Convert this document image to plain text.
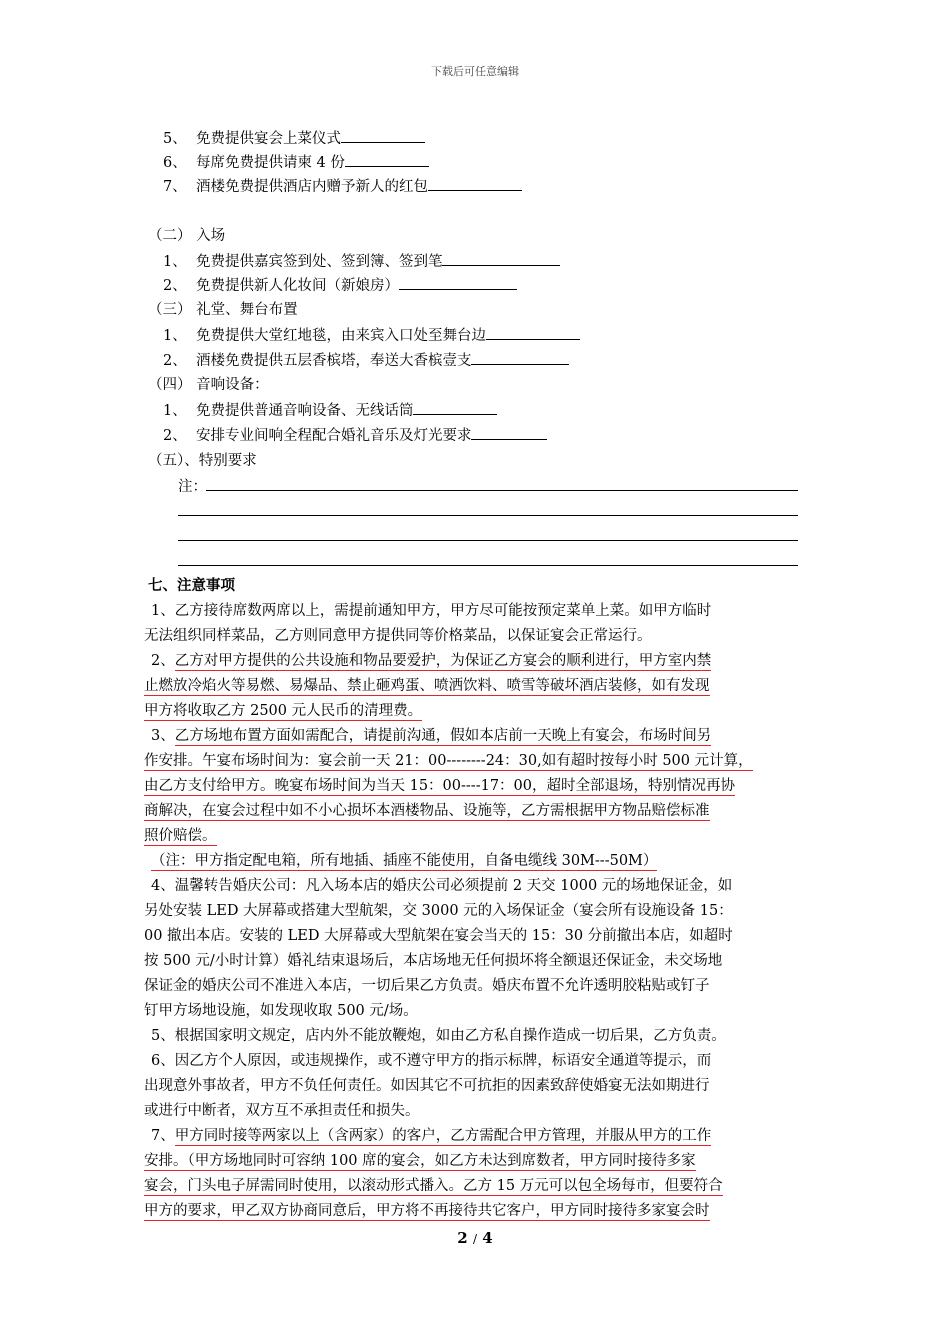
下载后可任意编辑
5、 免费提供宴会上菜仪式
6、 每席免费提供请柬 4 份
7、 酒楼免费提供酒店内赠予新人的红包
（二） 入场
1、 免费提供嘉宾签到处、签到簿、签到笔
2、 免费提供新人化妆间（新娘房）
（三） 礼堂、舞台布置
1、 免费提供大堂红地毯，由来宾入口处至舞台边
2、 酒楼免费提供五层香槟塔，奉送大香槟壹支
（四） 音响设备：
1、 免费提供普通音响设备、无线话筒
2、 安排专业间响全程配合婚礼音乐及灯光要求
（五）、特别要求
注：
七、注意事项
1、乙方接待席数两席以上，需提前通知甲方，甲方尽可能按预定菜单上菜。如甲方临时
无法组织同样菜品，乙方则同意甲方提供同等价格菜品，以保证宴会正常运行。
2、乙方对甲方提供的公共设施和物品要爱护，为保证乙方宴会的顺利进行，甲方室内禁
止燃放冷焰火等易燃、易爆品、禁止砸鸡蛋、喷洒饮料、喷雪等破坏酒店装修，如有发现
甲方将收取乙方 2500 元人民币的清理费。
3、乙方场地布置方面如需配合，请提前沟通，假如本店前一天晚上有宴会，布场时间另
作安排。午宴布场时间为：宴会前一天 21：00--------24：30,如有超时按每小时 500 元计算，
由乙方支付给甲方。晚宴布场时间为当天 15：00----17：00，超时全部退场，特别情况再协
商解决，在宴会过程中如不小心损坏本酒楼物品、设施等，乙方需根据甲方物品赔偿标准
照价赔偿。
（注：甲方指定配电箱，所有地插、插座不能使用，自备电缆线 30M---50M）
4、温馨转告婚庆公司：凡入场本店的婚庆公司必须提前 2 天交 1000 元的场地保证金，如
另处安装 LED 大屏幕或搭建大型航架，交 3000 元的入场保证金（宴会所有设施设备 15：
00 撤出本店。安装的 LED 大屏幕或大型航架在宴会当天的 15：30 分前撤出本店，如超时
按 500 元/小时计算）婚礼结束退场后，本店场地无任何损坏将全额退还保证金，未交场地
保证金的婚庆公司不准进入本店，一切后果乙方负责。婚庆布置不允许透明胶粘贴或钉子
钉甲方场地设施，如发现收取 500 元/场。
5、根据国家明文规定，店内外不能放鞭炮，如由乙方私自操作造成一切后果，乙方负责。
6、因乙方个人原因，或违规操作，或不遵守甲方的指示标牌，标语安全通道等提示，而
出现意外事故者，甲方不负任何责任。如因其它不可抗拒的因素致辞使婚宴无法如期进行
或进行中断者，双方互不承担责任和损失。
7、甲方同时接等两家以上（含两家）的客户，乙方需配合甲方管理，并服从甲方的工作
安排。（甲方场地同时可容纳 100 席的宴会，如乙方未达到席数者，甲方同时接待多家
宴会，门头电子屏需同时使用，以滚动形式播入。乙方 15 万元可以包全场每市，但要符合
甲方的要求，甲乙双方协商同意后，甲方将不再接待共它客户，甲方同时接待多家宴会时
2 / 4
